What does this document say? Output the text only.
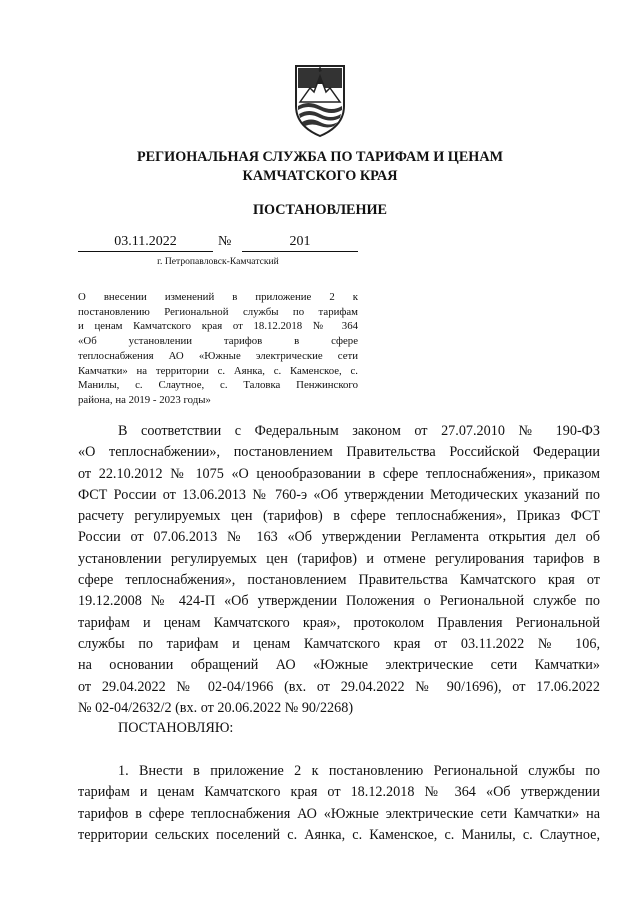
РЕГИОНАЛЬНАЯ СЛУЖБА ПО ТАРИФАМ И ЦЕНАМ
КАМЧАТСКОГО КРАЯ
ПОСТАНОВЛЕНИЕ
03.11.2022	№	201
г. Петропавловск-Камчатский
О внесении изменений в приложение 2 к
постановлению Региональной службы по тарифам
и ценам Камчатского края от 18.12.2018 № 364
«Об установлении тарифов в сфере
теплоснабжения АО «Южные электрические сети
Камчатки» на территории с. Аянка, с. Каменское, с.
Манилы, с. Слаутное, с. Таловка Пенжинского
района, на 2019 - 2023 годы»
В соответствии с Федеральным законом от 27.07.2010 № 190-ФЗ
«О теплоснабжении», постановлением Правительства Российской Федерации
от 22.10.2012 № 1075 «О ценообразовании в сфере теплоснабжения», приказом
ФСТ России от 13.06.2013 № 760-э «Об утверждении Методических указаний по
расчету регулируемых цен (тарифов) в сфере теплоснабжения», Приказ ФСТ
России от 07.06.2013 № 163 «Об утверждении Регламента открытия дел об
установлении регулируемых цен (тарифов) и отмене регулирования тарифов в
сфере теплоснабжения», постановлением Правительства Камчатского края от
19.12.2008 № 424-П «Об утверждении Положения о Региональной службе по
тарифам и ценам Камчатского края», протоколом Правления Региональной
службы по тарифам и ценам Камчатского края от 03.11.2022 № 106,
на основании обращений АО «Южные электрические сети Камчатки»
от 29.04.2022 № 02-04/1966 (вх. от 29.04.2022 № 90/1696), от 17.06.2022
№ 02-04/2632/2 (вх. от 20.06.2022 № 90/2268)
ПОСТАНОВЛЯЮ:
1. Внести в приложение 2 к постановлению Региональной службы по
тарифам и ценам Камчатского края от 18.12.2018 № 364 «Об утверждении
тарифов в сфере теплоснабжения АО «Южные электрические сети Камчатки» на
территории сельских поселений с. Аянка, с. Каменское, с. Манилы, с. Слаутное,
